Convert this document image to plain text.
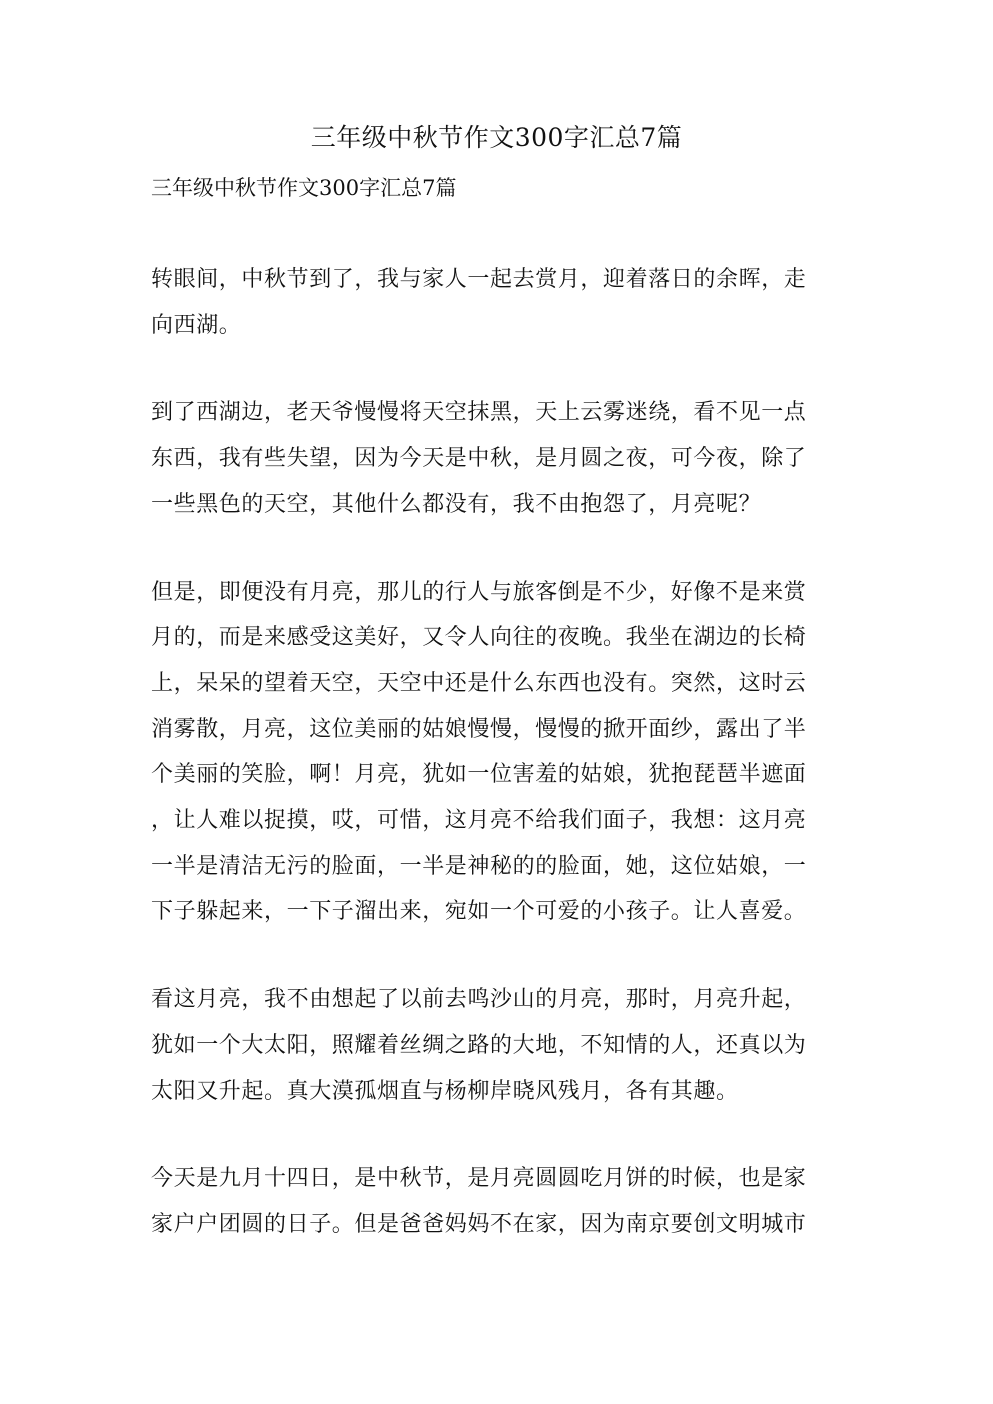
三年级中秋节作文300字汇总7篇

三年级中秋节作文300字汇总7篇

转眼间，中秋节到了，我与家人一起去赏月，迎着落日的余晖，走
向西湖。

到了西湖边，老天爷慢慢将天空抹黑，天上云雾迷绕，看不见一点
东西，我有些失望，因为今天是中秋，是月圆之夜，可今夜，除了
一些黑色的天空，其他什么都没有，我不由抱怨了，月亮呢？

但是，即便没有月亮，那儿的行人与旅客倒是不少，好像不是来赏
月的，而是来感受这美好，又令人向往的夜晚。我坐在湖边的长椅
上，呆呆的望着天空，天空中还是什么东西也没有。突然，这时云
消雾散，月亮，这位美丽的姑娘慢慢，慢慢的掀开面纱，露出了半
个美丽的笑脸，啊！月亮，犹如一位害羞的姑娘，犹抱琵琶半遮面
，让人难以捉摸，哎，可惜，这月亮不给我们面子，我想：这月亮
一半是清洁无污的脸面，一半是神秘的的脸面，她，这位姑娘，一
下子躲起来，一下子溜出来，宛如一个可爱的小孩子。让人喜爱。

看这月亮，我不由想起了以前去鸣沙山的月亮，那时，月亮升起，
犹如一个大太阳，照耀着丝绸之路的大地，不知情的人，还真以为
太阳又升起。真大漠孤烟直与杨柳岸晓风残月，各有其趣。

今天是九月十四日，是中秋节，是月亮圆圆吃月饼的时候，也是家
家户户团圆的日子。但是爸爸妈妈不在家，因为南京要创文明城市
